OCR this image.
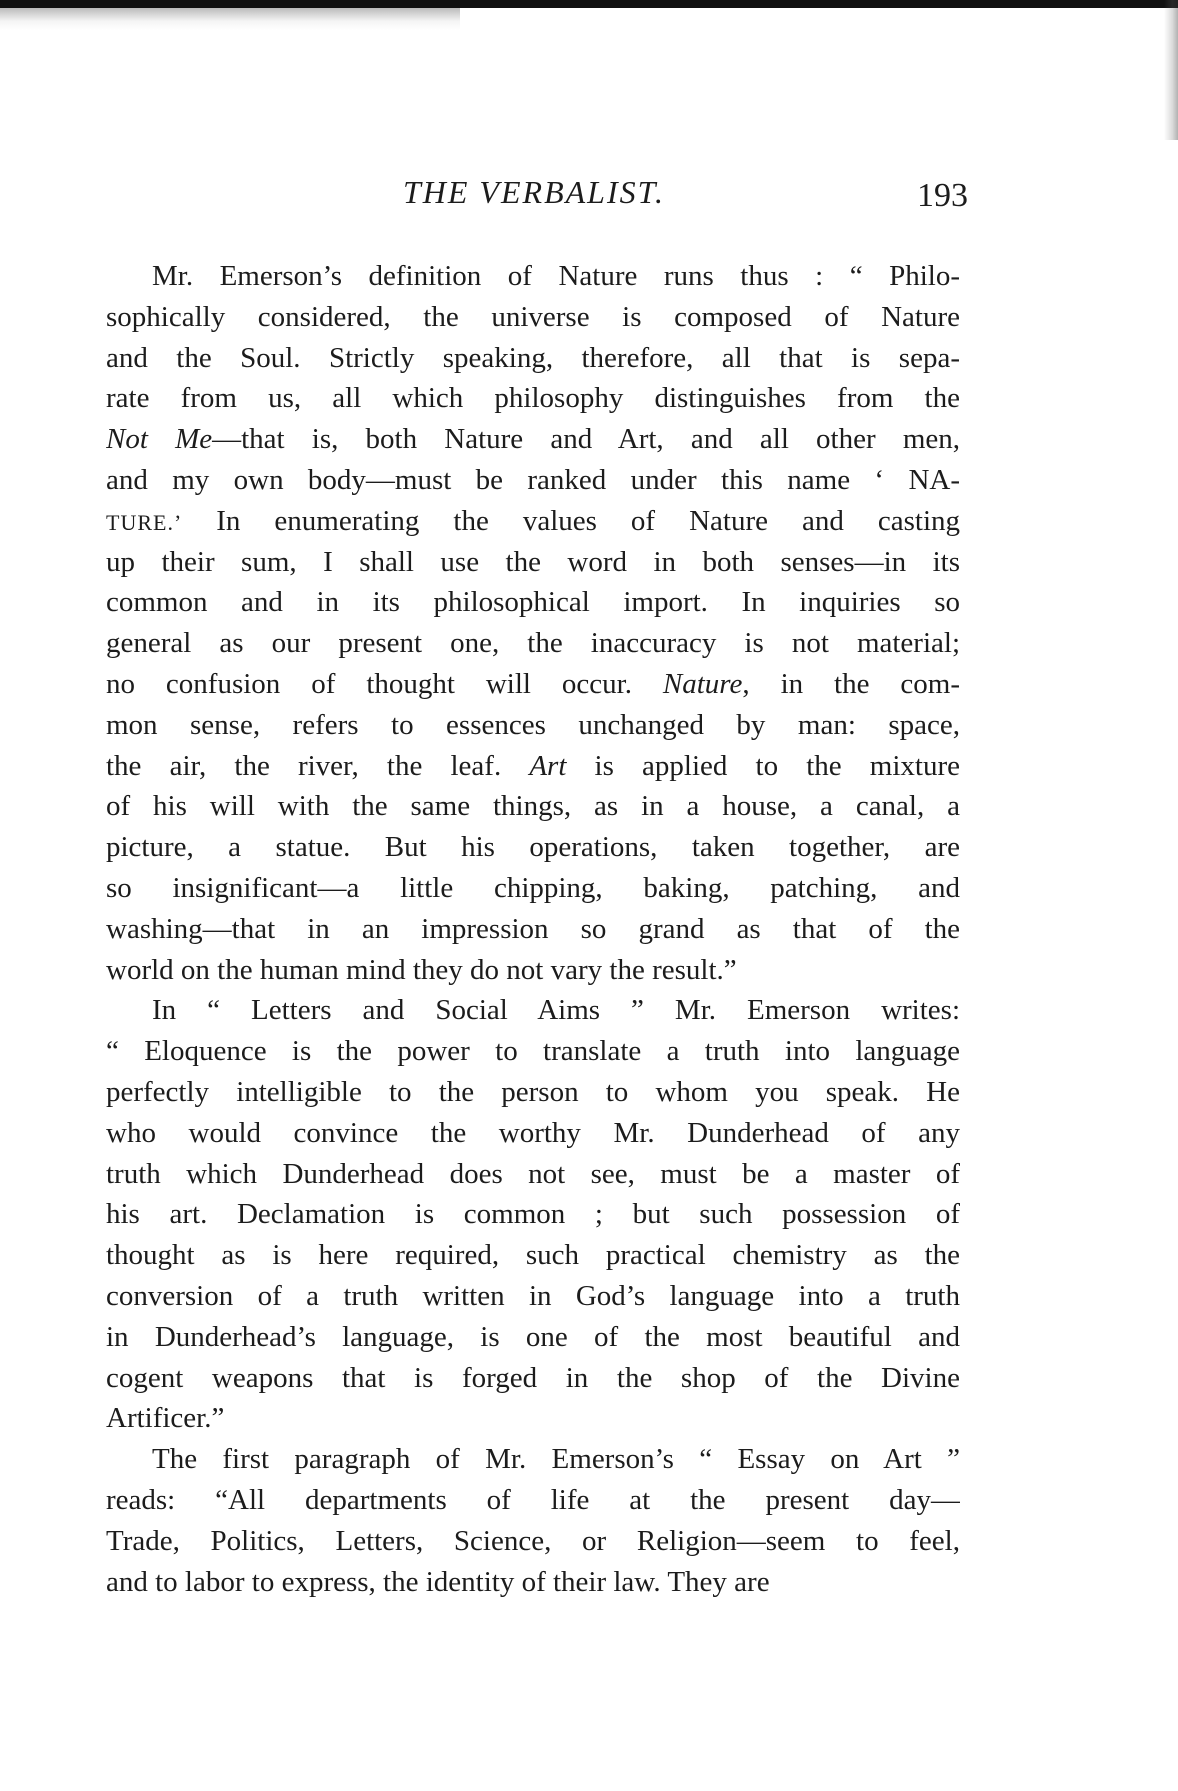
THE VERBALIST.	193
Mr. Emerson’s definition of Nature runs thus : “ Philo-
sophically considered, the universe is composed of Nature
and the Soul. Strictly speaking, therefore, all that is sepa-
rate from us, all which philosophy distinguishes from the
Not Me—that is, both Nature and Art, and all other men,
and my own body—must be ranked under this name ‘ NA-
TURE.’ In enumerating the values of Nature and casting
up their sum, I shall use the word in both senses—in its
common and in its philosophical import. In inquiries so
general as our present one, the inaccuracy is not material;
no confusion of thought will occur. Nature, in the com-
mon sense, refers to essences unchanged by man: space,
the air, the river, the leaf. Art is applied to the mixture
of his will with the same things, as in a house, a canal, a
picture, a statue. But his operations, taken together, are
so insignificant—a little chipping, baking, patching, and
washing—that in an impression so grand as that of the
world on the human mind they do not vary the result.”
In “ Letters and Social Aims ” Mr. Emerson writes:
“ Eloquence is the power to translate a truth into language
perfectly intelligible to the person to whom you speak. He
who would convince the worthy Mr. Dunderhead of any
truth which Dunderhead does not see, must be a master of
his art. Declamation is common ; but such possession of
thought as is here required, such practical chemistry as the
conversion of a truth written in God’s language into a truth
in Dunderhead’s language, is one of the most beautiful and
cogent weapons that is forged in the shop of the Divine
Artificer.”
The first paragraph of Mr. Emerson’s “ Essay on Art ”
reads: “All departments of life at the present day—
Trade, Politics, Letters, Science, or Religion—seem to feel,
and to labor to express, the identity of their law. They are
